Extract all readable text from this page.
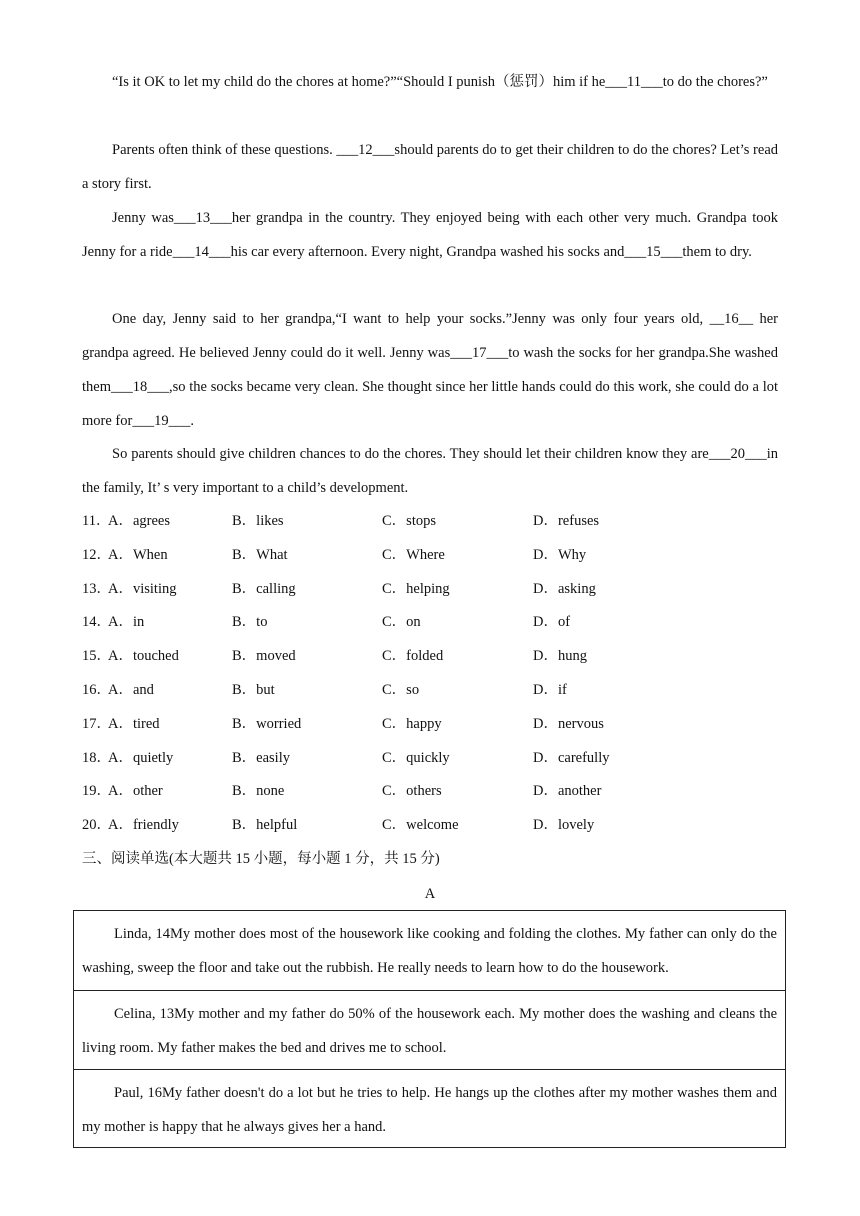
“Is it OK to let my child do the chores at home?”“Should I punish（惩罚）him if he___11___to do the chores?”

Parents often think of these questions. ___12___should parents do to get their children to do the chores? Let’s read a story first.

Jenny was___13___her grandpa in the country. They enjoyed being with each other very much. Grandpa took Jenny for a ride___14___his car every afternoon. Every night, Grandpa washed his socks and___15___them to dry.

One day, Jenny said to her grandpa,“I want to help your socks.”Jenny was only four years old, __16__ her grandpa agreed. He believed Jenny could do it well. Jenny was___17___to wash the socks for her grandpa.She washed them___18___,so the socks became very clean. She thought since her little hands could do this work, she could do a lot more for___19___.

So parents should give children chances to do the chores. They should let their children know they are___20___in the family, It’ s very important to a child’s development.

11．
A．agrees	B．likes	C．stops	D．refuses
12．
A．When	B．What	C．Where	D．Why
13．
A．visiting	B．calling	C．helping	D．asking
14．
A．in	B．to	C．on	D．of
15．
A．touched	B．moved	C．folded	D．hung
16．
A．and	B．but	C．so	D．if
17．
A．tired	B．worried	C．happy	D．nervous
18．
A．quietly	B．easily	C．quickly	D．carefully
19．
A．other	B．none	C．others	D．another
20．
A．friendly	B．helpful	C．welcome	D．lovely
三、阅读单选(本大题共 15 小题，每小题 1 分，共 15 分)
A

Linda, 14My mother does most of the housework like cooking and folding the clothes. My father can only do the washing, sweep the floor and take out the rubbish. He really needs to learn how to do the housework.

Celina, 13My mother and my father do 50% of the housework each. My mother does the washing and cleans the living room. My father makes the bed and drives me to school.

Paul, 16My father doesn't do a lot but he tries to help. He hangs up the clothes after my mother washes them and my mother is happy that he always gives her a hand.
